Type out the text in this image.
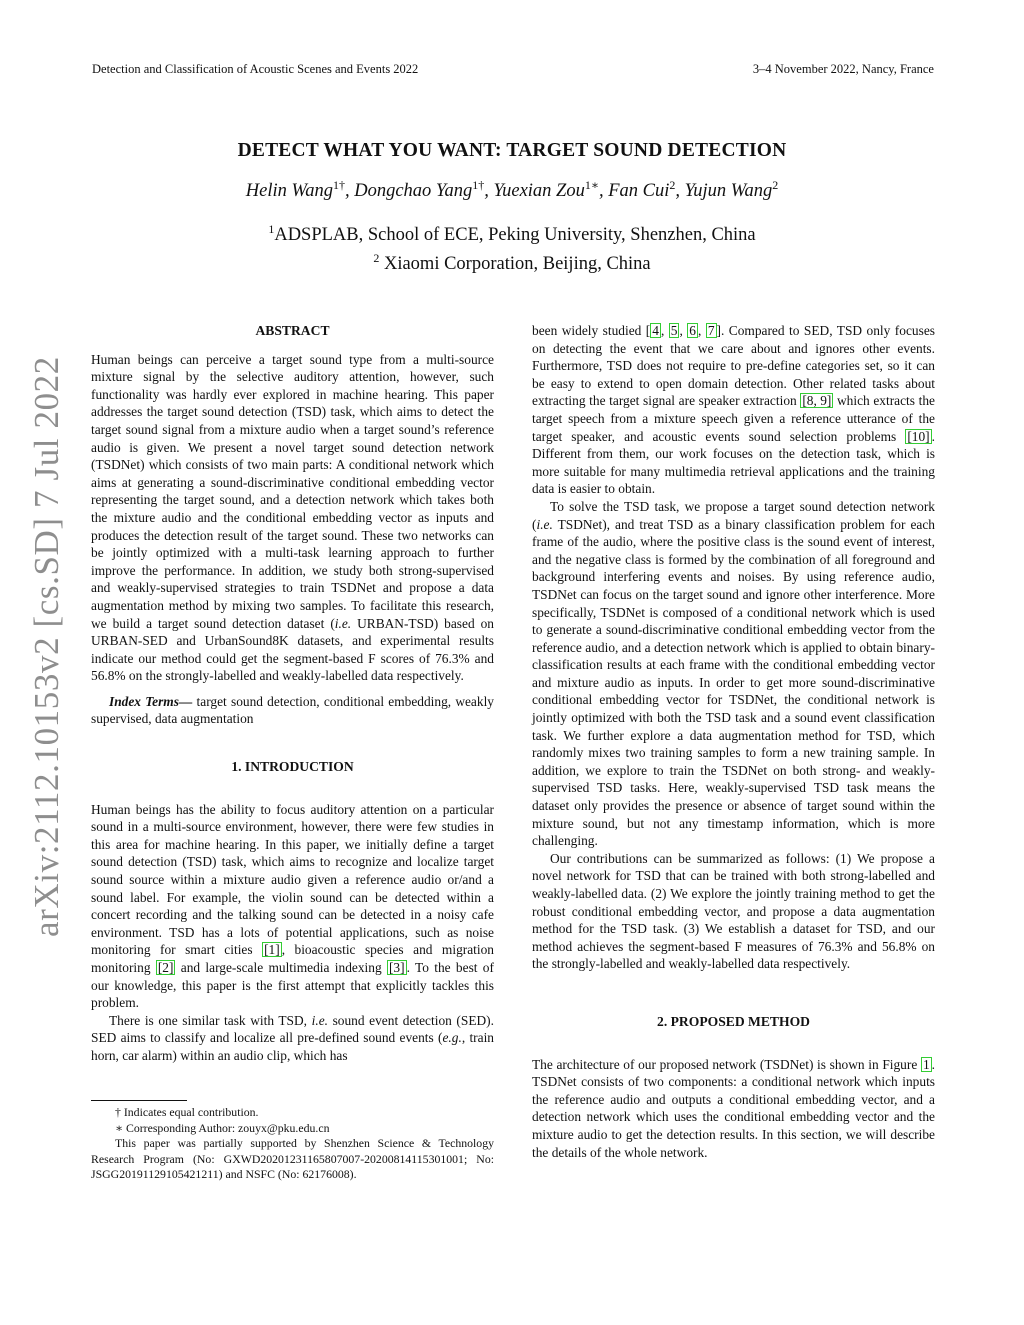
Detection and Classification of Acoustic Scenes and Events 2022	3–4 November 2022, Nancy, France
arXiv:2112.10153v2 [cs.SD] 7 Jul 2022
DETECT WHAT YOU WANT: TARGET SOUND DETECTION
Helin Wang$^{1\dagger}$, Dongchao Yang$^{1\dagger}$, Yuexian Zou$^{1∗}$, Fan Cui$^2$, Yujun Wang$^2$
$^1$ADSPLAB, School of ECE, Peking University, Shenzhen, China
$^2$ Xiaomi Corporation, Beijing, China
ABSTRACT

Human beings can perceive a target sound type from a multi-source mixture signal by the selective auditory attention, however, such functionality was hardly ever explored in machine hearing. This paper addresses the target sound detection (TSD) task, which aims to detect the target sound signal from a mixture audio when a target sound’s reference audio is given. We present a novel target sound detection network (TSDNet) which consists of two main parts: A conditional network which aims at generating a sound-discriminative conditional embedding vector representing the target sound, and a detection network which takes both the mixture audio and the conditional embedding vector as inputs and produces the detection result of the target sound. These two networks can be jointly optimized with a multi-task learning approach to further improve the performance. In addition, we study both strong-supervised and weakly-supervised strategies to train TSDNet and propose a data augmentation method by mixing two samples. To facilitate this research, we build a target sound detection dataset (i.e. URBAN-TSD) based on URBAN-SED and UrbanSound8K datasets, and experimental results indicate our method could get the segment-based F scores of 76.3% and 56.8% on the strongly-labelled and weakly-labelled data respectively.

Index Terms— target sound detection, conditional embedding, weakly supervised, data augmentation

1. INTRODUCTION

Human beings has the ability to focus auditory attention on a particular sound in a multi-source environment, however, there were few studies in this area for machine hearing. In this paper, we initially define a target sound detection (TSD) task, which aims to recognize and localize target sound source within a mixture audio given a reference audio or/and a sound label. For example, the violin sound can be detected within a concert recording and the talking sound can be detected in a noisy cafe environment. TSD has a lots of potential applications, such as noise monitoring for smart cities [1] , bioacoustic species and migration monitoring [2] and large-scale multimedia indexing [3] . To the best of our knowledge, this paper is the first attempt that explicitly tackles this problem.

There is one similar task with TSD, i.e. sound event detection (SED). SED aims to classify and localize all pre-defined sound events (e.g., train horn, car alarm) within an audio clip, which has

† Indicates equal contribution.

∗ Corresponding Author: zouyx@pku.edu.cn

This paper was partially supported by Shenzhen Science & Technology Research Program (No: GXWD20201231165807007-20200814115301001; No: JSGG20191129105421211) and NSFC (No: 62176008).

been widely studied [ 4 , 5 , 6 , 7 ]. Compared to SED, TSD only focuses on detecting the event that we care about and ignores other events. Furthermore, TSD does not require to pre-define categories set, so it can be easy to extend to open domain detection. Other related tasks about extracting the target signal are speaker extraction [8, 9] which extracts the target speech from a mixture speech given a reference utterance of the target speaker, and acoustic events sound selection problems [10] . Different from them, our work focuses on the detection task, which is more suitable for many multimedia retrieval applications and the training data is easier to obtain.

To solve the TSD task, we propose a target sound detection network (i.e. TSDNet), and treat TSD as a binary classification problem for each frame of the audio, where the positive class is the sound event of interest, and the negative class is formed by the combination of all foreground and background interfering events and noises. By using reference audio, TSDNet can focus on the target sound and ignore other interference. More specifically, TSDNet is composed of a conditional network which is used to generate a sound-discriminative conditional embedding vector from the reference audio, and a detection network which is applied to obtain binary-classification results at each frame with the conditional embedding vector and mixture audio as inputs. In order to get more sound-discriminative conditional embedding vector for TSDNet, the conditional network is jointly optimized with both the TSD task and a sound event classification task. We further explore a data augmentation method for TSD, which randomly mixes two training samples to form a new training sample. In addition, we explore to train the TSDNet on both strong- and weakly-supervised TSD tasks. Here, weakly-supervised TSD task means the dataset only provides the presence or absence of target sound within the mixture sound, but not any timestamp information, which is more challenging.

Our contributions can be summarized as follows: (1) We propose a novel network for TSD that can be trained with both strong-labelled and weakly-labelled data. (2) We explore the jointly training method to get the robust conditional embedding vector, and propose a data augmentation method for the TSD task. (3) We establish a dataset for TSD, and our method achieves the segment-based F measures of 76.3% and 56.8% on the strongly-labelled and weakly-labelled data respectively.

2. PROPOSED METHOD

The architecture of our proposed network (TSDNet) is shown in Figure 1 . TSDNet consists of two components: a conditional network which inputs the reference audio and outputs a conditional embedding vector, and a detection network which uses the conditional embedding vector and the mixture audio to get the detection results. In this section, we will describe the details of the whole network.
